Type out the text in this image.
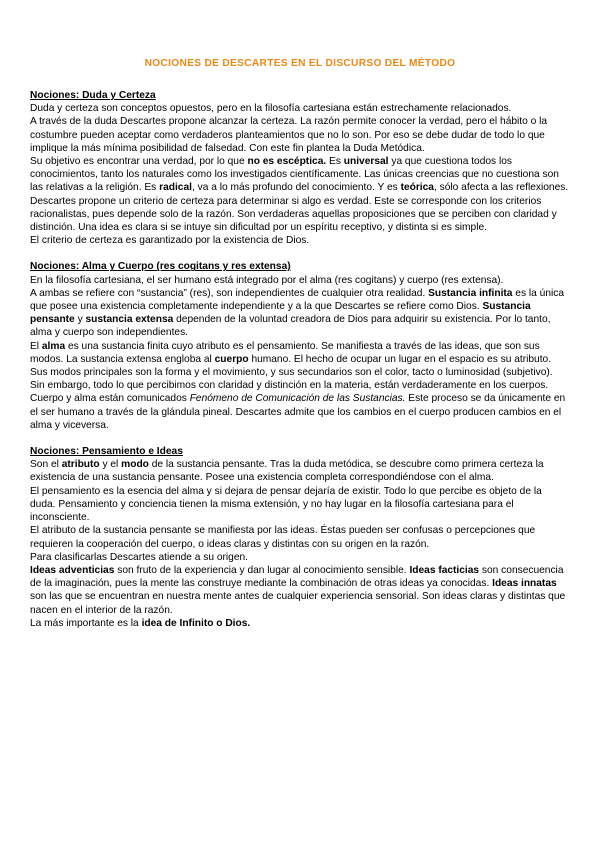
NOCIONES DE DESCARTES EN EL DISCURSO DEL MÉTODO
Nociones: Duda y Certeza

Duda y certeza son conceptos opuestos, pero en la filosofía cartesiana están estrechamente relacionados.

A través de la duda Descartes propone alcanzar la certeza. La razón permite conocer la verdad, pero el hábito o la costumbre pueden aceptar como verdaderos planteamientos que no lo son. Por eso se debe dudar de todo lo que implique la más mínima posibilidad de falsedad. Con este fin plantea la Duda Metódica.

Su objetivo es encontrar una verdad, por lo que no es escéptica. Es universal ya que cuestiona todos los conocimientos, tanto los naturales como los investigados científicamente. Las únicas creencias que no cuestiona son las relativas a la religión. Es radical, va a lo más profundo del conocimiento. Y es teórica, sólo afecta a las reflexiones.

Descartes propone un criterio de certeza para determinar si algo es verdad. Este se corresponde con los criterios racionalistas, pues depende solo de la razón. Son verdaderas aquellas proposiciones que se perciben con claridad y distinción. Una idea es clara si se intuye sin dificultad por un espíritu receptivo, y distinta si es simple.

El criterio de certeza es garantizado por la existencia de Dios.

Nociones: Alma y Cuerpo (res cogitans y res extensa)

En la filosofía cartesiana, el ser humano está integrado por el alma (res cogitans) y cuerpo (res extensa).

A ambas se refiere con “sustancia” (res), son independientes de cualquier otra realidad. Sustancia infinita es la única que posee una existencia completamente independiente y a la que Descartes se refiere como Dios. Sustancia pensante y sustancia extensa dependen de la voluntad creadora de Dios para adquirir su existencia. Por lo tanto, alma y cuerpo son independientes.

El alma es una sustancia finita cuyo atributo es el pensamiento. Se manifiesta a través de las ideas, que son sus modos. La sustancia extensa engloba al cuerpo humano. El hecho de ocupar un lugar en el espacio es su atributo. Sus modos principales son la forma y el movimiento, y sus secundarios son el color, tacto o luminosidad (subjetivo). Sin embargo, todo lo que percibimos con claridad y distinción en la materia, están verdaderamente en los cuerpos.

Cuerpo y alma están comunicados Fenómeno de Comunicación de las Sustancias. Este proceso se da únicamente en el ser humano a través de la glándula pineal. Descartes admite que los cambios en el cuerpo producen cambios en el alma y viceversa.

Nociones: Pensamiento e Ideas

Son el atributo y el modo de la sustancia pensante. Tras la duda metódica, se descubre como primera certeza la existencia de una sustancia pensante. Posee una existencia completa correspondiéndose con el alma.

El pensamiento es la esencia del alma y si dejara de pensar dejaría de existir. Todo lo que percibe es objeto de la duda. Pensamiento y conciencia tienen la misma extensión, y no hay lugar en la filosofía cartesiana para el inconsciente.

El atributo de la sustancia pensante se manifiesta por las ideas. Éstas pueden ser confusas o percepciones que requieren la cooperación del cuerpo, o ideas claras y distintas con su origen en la razón.

Para clasificarlas Descartes atiende a su origen.

Ideas adventicias son fruto de la experiencia y dan lugar al conocimiento sensible. Ideas facticias son consecuencia de la imaginación, pues la mente las construye mediante la combinación de otras ideas ya conocidas. Ideas innatas son las que se encuentran en nuestra mente antes de cualquier experiencia sensorial. Son ideas claras y distintas que nacen en el interior de la razón.

La más importante es la idea de Infinito o Dios.
